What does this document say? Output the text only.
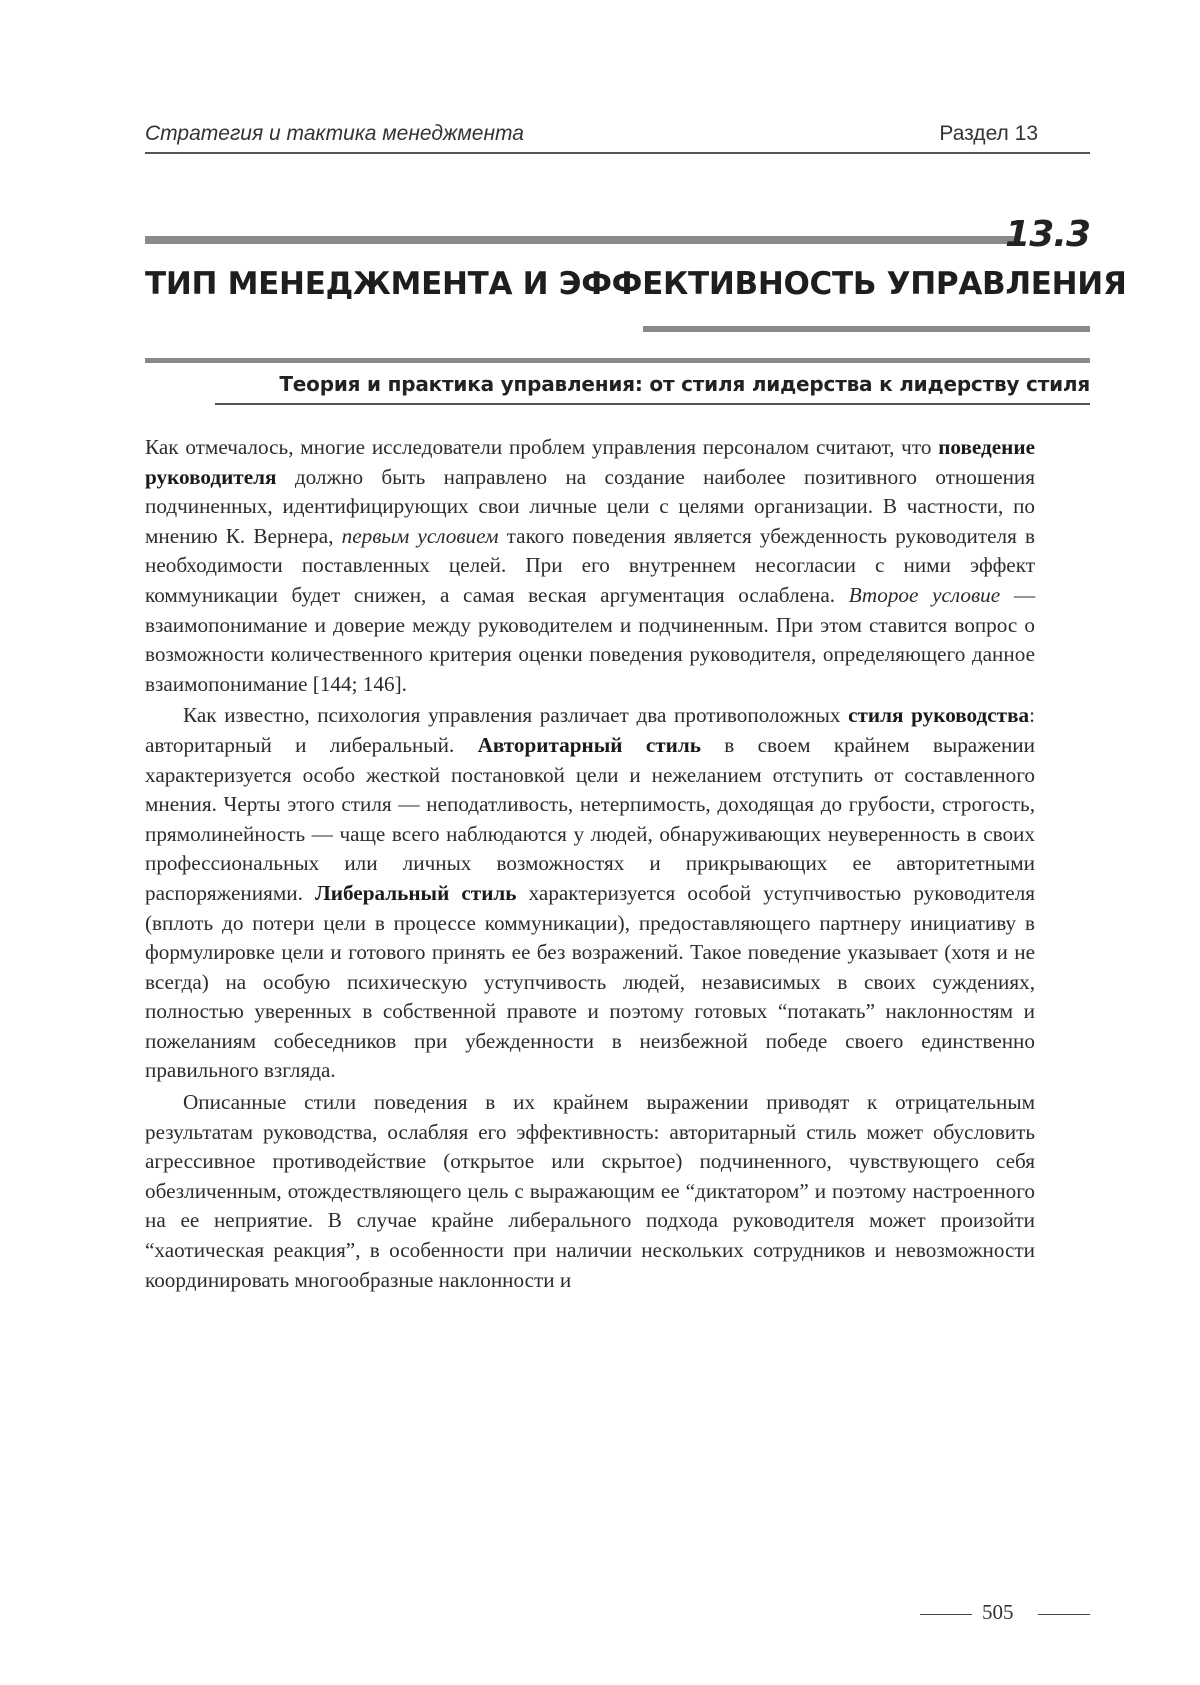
Стратегия и тактика менеджмента	Раздел 13
13.3
ТИП МЕНЕДЖМЕНТА И ЭФФЕКТИВНОСТЬ УПРАВЛЕНИЯ
Теория и практика управления: от стиля лидерства к лидерству стиля

Как отмечалось, многие исследователи проблем управления персоналом считают, что поведение руководителя должно быть направлено на создание наиболее позитивного отношения подчиненных, идентифицирующих свои личные цели с целями организации. В частности, по мнению К. Вернера, первым условием такого поведения является убежденность руководителя в необходимости поставленных целей. При его внутреннем несогласии с ними эффект коммуникации будет снижен, а самая веская аргументация ослаблена. Второе условие — взаимопонимание и доверие между руководителем и подчиненным. При этом ставится вопрос о возможности количественного критерия оценки поведения руководителя, определяющего данное взаимопонимание [144; 146].

Как известно, психология управления различает два противоположных стиля руководства: авторитарный и либеральный. Авторитарный стиль в своем крайнем выражении характеризуется особо жесткой постановкой цели и нежеланием отступить от составленного мнения. Черты этого стиля — неподатливость, нетерпимость, доходящая до грубости, строгость, прямолинейность — чаще всего наблюдаются у людей, обнаруживающих неуверенность в своих профессиональных или личных возможностях и прикрывающих ее авторитетными распоряжениями. Либеральный стиль характеризуется особой уступчивостью руководителя (вплоть до потери цели в процессе коммуникации), предоставляющего партнеру инициативу в формулировке цели и готового принять ее без возражений. Такое поведение указывает (хотя и не всегда) на особую психическую уступчивость людей, независимых в своих суждениях, полностью уверенных в собственной правоте и поэтому готовых “потакать” наклонностям и пожеланиям собеседников при убежденности в неизбежной победе своего единственно правильного взгляда.

Описанные стили поведения в их крайнем выражении приводят к отрицательным результатам руководства, ослабляя его эффективность: авторитарный стиль может обусловить агрессивное противодействие (открытое или скрытое) подчиненного, чувствующего себя обезличенным, отождествляющего цель с выражающим ее “диктатором” и поэтому настроенного на ее неприятие. В случае крайне либерального подхода руководителя может произойти “хаотическая реакция”, в особенности при наличии нескольких сотрудников и невозможности координировать многообразные наклонности и

505
